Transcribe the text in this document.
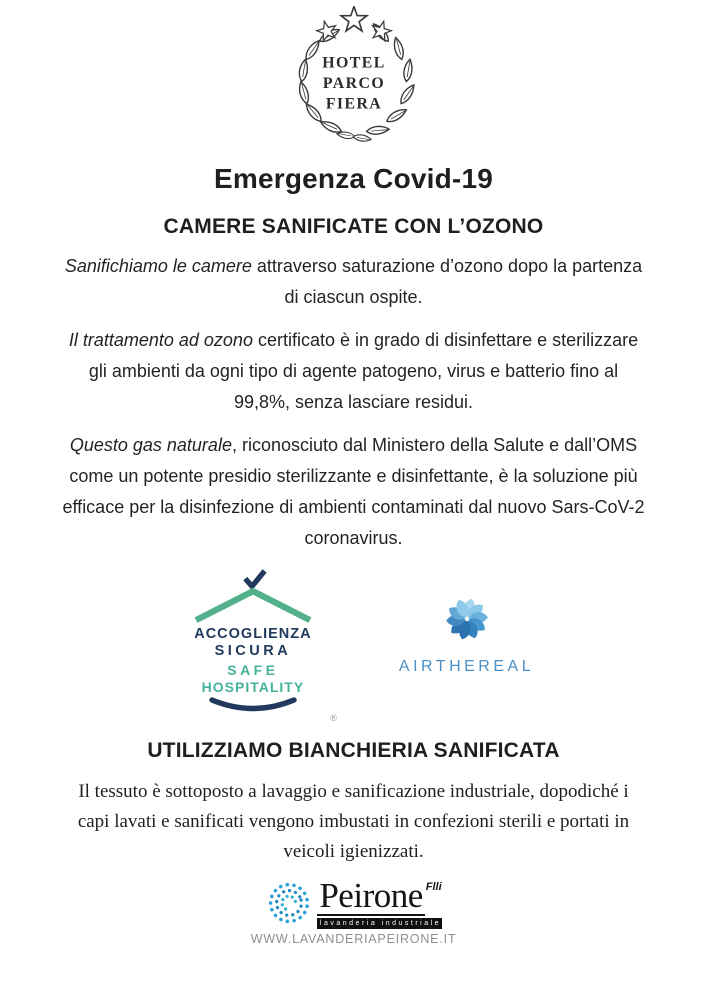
HOTEL
PARCO
FIERA
Emergenza Covid-19
CAMERE SANIFICATE CON L’OZONO

Sanifichiamo le camere attraverso saturazione d’ozono dopo la partenza di ciascun ospite.

Il trattamento ad ozono certificato è in grado di disinfettare e sterilizzare gli ambienti da ogni tipo di agente patogeno, virus e batterio fino al 99,8%, senza lasciare residui.

Questo gas naturale, riconosciuto dal Ministero della Salute e dall’OMS come un potente presidio sterilizzante e disinfettante, è la soluzione più efficace per la disinfezione di ambienti contaminati dal nuovo Sars-CoV-2 coronavirus.

ACCOGLIENZA
SICURA
SAFE
HOSPITALITY
®
AIRTHEREAL
UTILIZZIAMO BIANCHIERIA SANIFICATA

Il tessuto è sottoposto a lavaggio e sanificazione industriale, dopodiché i capi lavati e sanificati vengono imbustati in confezioni sterili e portati in veicoli igienizzati.

Peirone Flli
lavanderia industriale
WWW.LAVANDERIAPEIRONE.IT
